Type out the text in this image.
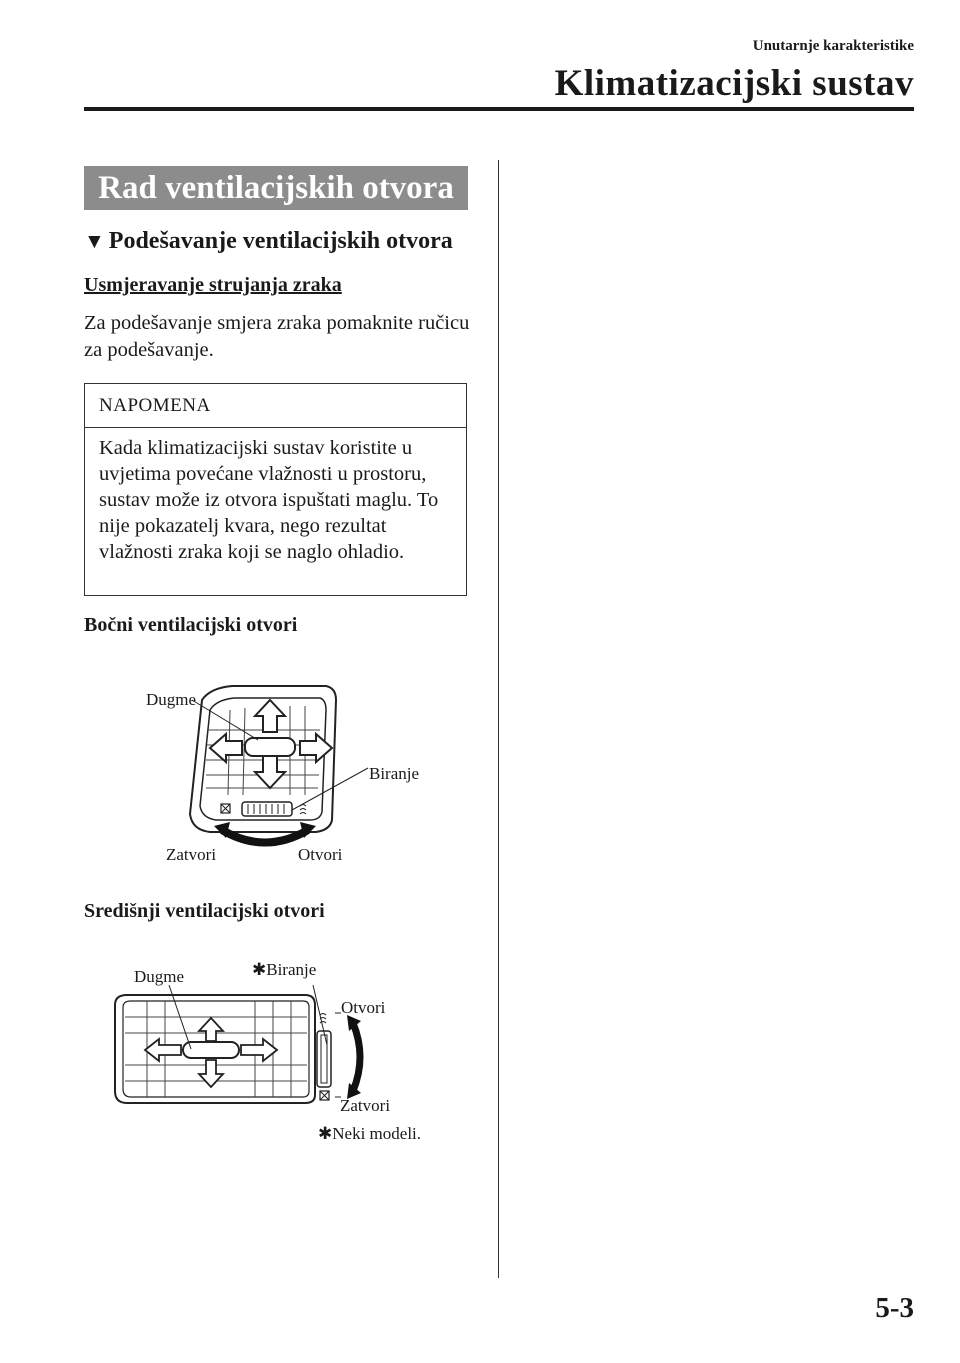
Unutarnje karakteristike
Klimatizacijski sustav
Rad ventilacijskih otvora
▼ Podešavanje ventilacijskih otvora
Usmjeravanje strujanja zraka
Za podešavanje smjera zraka pomaknite ručicu za podešavanje.
NAPOMENA
Kada klimatizacijski sustav koristite u uvjetima povećane vlažnosti u prostoru, sustav može iz otvora ispuštati maglu. To nije pokazatelj kvara, nego rezultat vlažnosti zraka koji se naglo ohladio.
Bočni ventilacijski otvori
Dugme
Biranje
Zatvori	Otvori
Središnji ventilacijski otvori
Dugme	✱Biranje
Otvori
Zatvori
✱Neki modeli.
5-3
